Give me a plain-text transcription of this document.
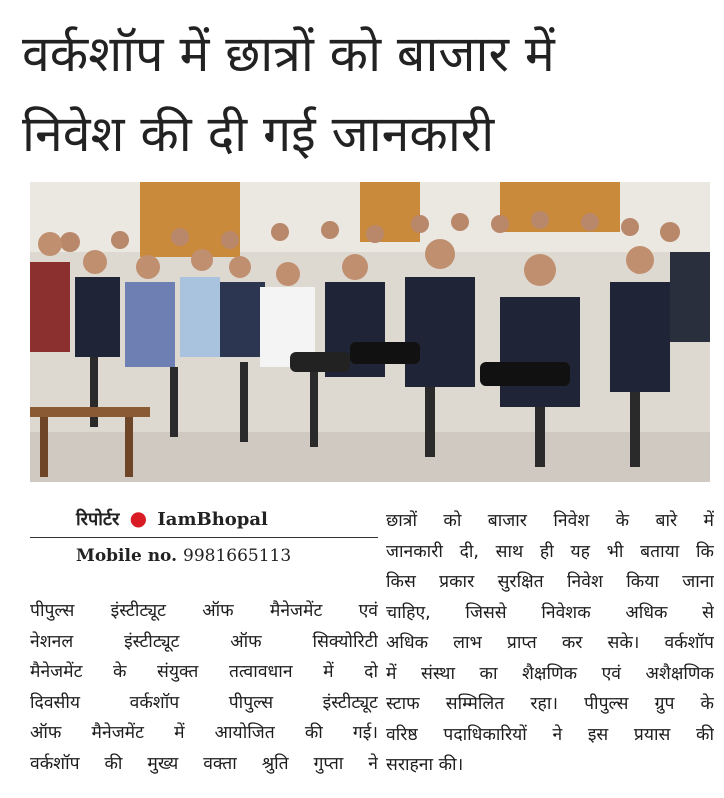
वर्कशॉप में छात्रों को बाजार में
निवेश की दी गई जानकारी
रिपोर्टर ● IamBhopal
Mobile no. 9981665113
पीपुल्स इंस्टीट्यूट ऑफ मैनेजमेंट एवं
नेशनल इंस्टीट्यूट ऑफ सिक्योरिटी
मैनेजमेंट के संयुक्त तत्वावधान में दो
दिवसीय वर्कशॉप पीपुल्स इंस्टीट्यूट
ऑफ मैनेजमेंट में आयोजित की गई।
वर्कशॉप की मुख्य वक्ता श्रुति गुप्ता ने
छात्रों को बाजार निवेश के बारे में
जानकारी दी, साथ ही यह भी बताया कि
किस प्रकार सुरक्षित निवेश किया जाना
चाहिए, जिससे निवेशक अधिक से
अधिक लाभ प्राप्त कर सके। वर्कशॉप
में संस्था का शैक्षणिक एवं अशैक्षणिक
स्टाफ सम्मिलित रहा। पीपुल्स ग्रुप के
वरिष्ठ पदाधिकारियों ने इस प्रयास की
सराहना की।
